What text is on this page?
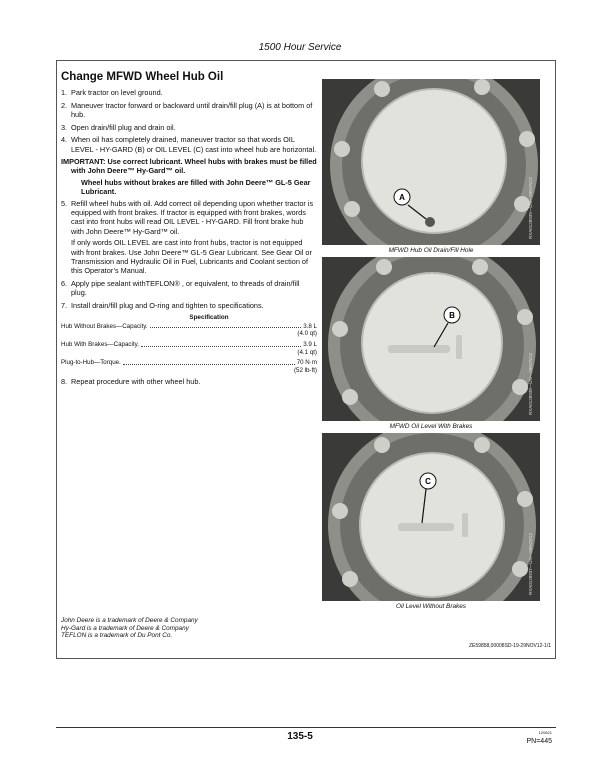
1500 Hour Service
Change MFWD Wheel Hub Oil
1. Park tractor on level ground.
2. Maneuver tractor forward or backward until drain/fill plug (A) is at bottom of hub.
3. Open drain/fill plug and drain oil.
4. When oil has completely drained, maneuver tractor so that words OIL LEVEL - HY-GARD (B) or OIL LEVEL (C) cast into wheel hub are horizontal.

IMPORTANT: Use correct lubricant. Wheel hubs with brakes must be filled with John Deere™ Hy-Gard™ oil.

Wheel hubs without brakes are filled with John Deere™ GL-5 Gear Lubricant.

5. Refill wheel hubs with oil. Add correct oil depending upon whether tractor is equipped with front brakes. If tractor is equipped with front brakes, words cast into front hubs will read OIL LEVEL - HY-GARD. Fill front brake hub with John Deere™ Hy-Gard™ oil.
If only words OIL LEVEL are cast into front hubs, tractor is not equipped with front brakes. Use John Deere™ GL-5 Gear Lubricant. See Gear Oil or Transmission and Hydraulic Oil in Fuel, Lubricants and Coolant section of this Operator’s Manual.
6. Apply pipe sealant withTEFLON® , or equivalent, to threads of drain/fill plug.
7. Install drain/fill plug and O-ring and tighten to specifications.
Specification
Hub Without Brakes—Capacity.	3.8 L
(4.0 qt)
Hub With Brakes—Capacity.	3.9 L
(4.1 qt)
Plug-to-Hub—Torque.	70 N·m
(52 lb-ft)
8. Repeat procedure with other wheel hub.
A	RXA0128939—UN—29NOV12
MFWD Hub Oil Drain/Fill Hole
B
RXA0128938—UN—29NOV12
MFWD Oil Level With Brakes
C
RXA0128937—UN—29NOV12
Oil Level Without Brakes
John Deere is a trademark of Deere & Company
Hy-Gard is a trademark of Deere & Company
TEFLON is a trademark of Du Pont Co.
ZE59858,00008SD-19-29NOV12-1/1
135-5	120621
PN=445
